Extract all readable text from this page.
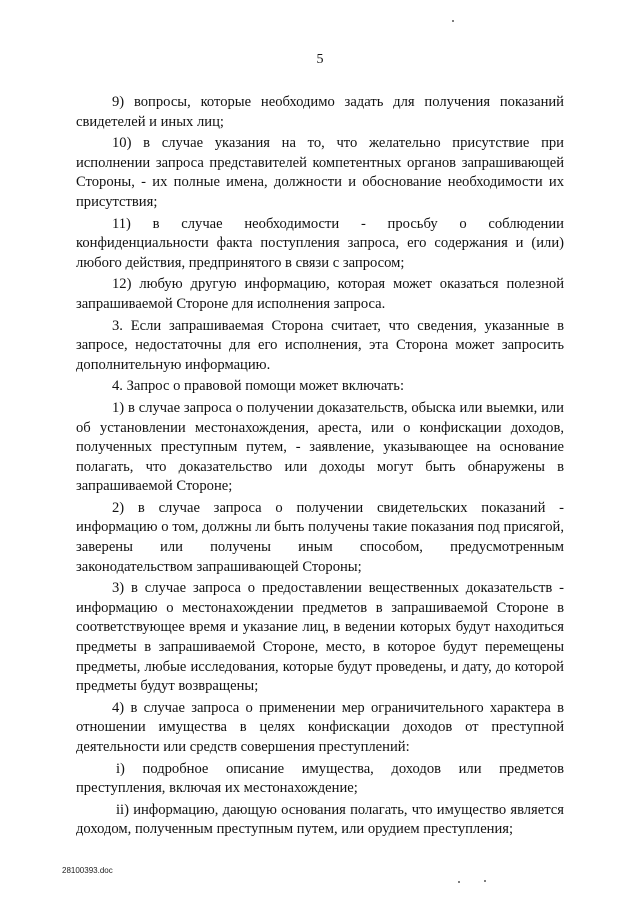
5

9) вопросы, которые необходимо задать для получения показаний свидетелей и иных лиц;

10) в случае указания на то, что желательно присутствие при исполнении запроса представителей компетентных органов запрашивающей Стороны, - их полные имена, должности и обоснование необходимости их присутствия;

11) в случае необходимости - просьбу о соблюдении конфиденциальности факта поступления запроса, его содержания и (или) любого действия, предпринятого в связи с запросом;

12) любую другую информацию, которая может оказаться полезной запрашиваемой Стороне для исполнения запроса.

3. Если запрашиваемая Сторона считает, что сведения, указанные в запросе, недостаточны для его исполнения, эта Сторона может запросить дополнительную информацию.

4. Запрос о правовой помощи может включать:

1) в случае запроса о получении доказательств, обыска или выемки, или об установлении местонахождения, ареста, или о конфискации доходов, полученных преступным путем, - заявление, указывающее на основание полагать, что доказательство или доходы могут быть обнаружены в запрашиваемой Стороне;

2) в случае запроса о получении свидетельских показаний - информацию о том, должны ли быть получены такие показания под присягой, заверены или получены иным способом, предусмотренным законодательством запрашивающей Стороны;

3) в случае запроса о предоставлении вещественных доказательств - информацию о местонахождении предметов в запрашиваемой Стороне в соответствующее время и указание лиц, в ведении которых будут находиться предметы в запрашиваемой Стороне, место, в которое будут перемещены предметы, любые исследования, которые будут проведены, и дату, до которой предметы будут возвращены;

4) в случае запроса о применении мер ограничительного характера в отношении имущества в целях конфискации доходов от преступной деятельности или средств совершения преступлений:

i) подробное описание имущества, доходов или предметов преступления, включая их местонахождение;

ii) информацию, дающую основания полагать, что имущество является доходом, полученным преступным путем, или орудием преступления;

28100393.doc
